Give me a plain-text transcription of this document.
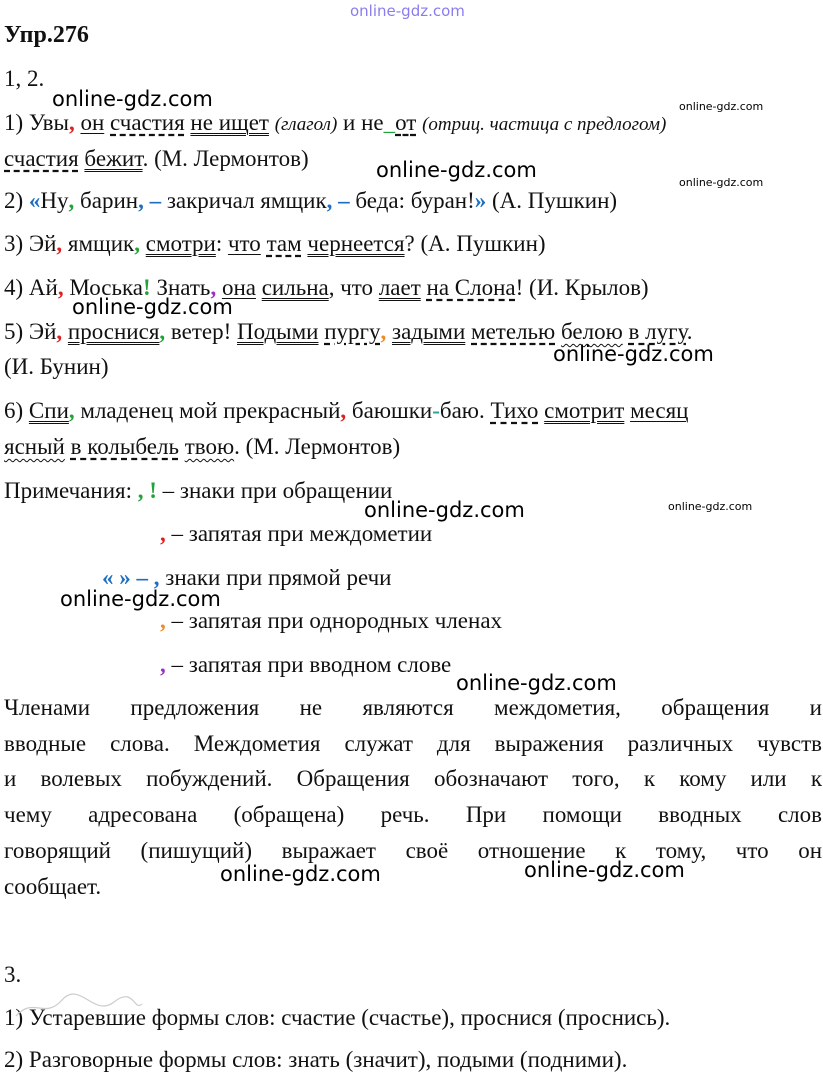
online-gdz.com
Упр.276
1, 2.
1) Увы, он счастия не ищет (глагол) и не_от (отриц. частица с предлогом)
счастия бежит. (М. Лермонтов)
2) «Ну, барин, – закричал ямщик, – беда: буран!» (А. Пушкин)
3) Эй, ямщик, смотри: что там чернеется? (А. Пушкин)
4) Ай, Моська! Знать, она сильна, что лает на Слона! (И. Крылов)
5) Эй, проснися, ветер! Подыми пургу, задыми метелью белою в лугу.
(И. Бунин)
6) Спи, младенец мой прекрасный, баюшки-баю. Тихо смотрит месяц
ясный в колыбель твою. (М. Лермонтов)
Примечания: , ! – знаки при обращении
, – запятая при междометии
« » – , знаки при прямой речи
, – запятая при однородных членах
, – запятая при вводном слове
Членами предложения не являются междометия, обращения и
вводные слова. Междометия служат для выражения различных чувств
и волевых побуждений. Обращения обозначают того, к кому или к
чему адресована (обращена) речь. При помощи вводных слов
говорящий (пишущий) выражает своё отношение к тому, что он
сообщает.
3.
1) Устаревшие формы слов: счастие (счастье), проснися (проснись).
2) Разговорные формы слов: знать (значит), подыми (подними).
online-gdz.com
online-gdz.com
online-gdz.com
online-gdz.com
online-gdz.com
online-gdz.com
online-gdz.com
online-gdz.com
online-gdz.com
online-gdz.com
online-gdz.com
online-gdz.com
